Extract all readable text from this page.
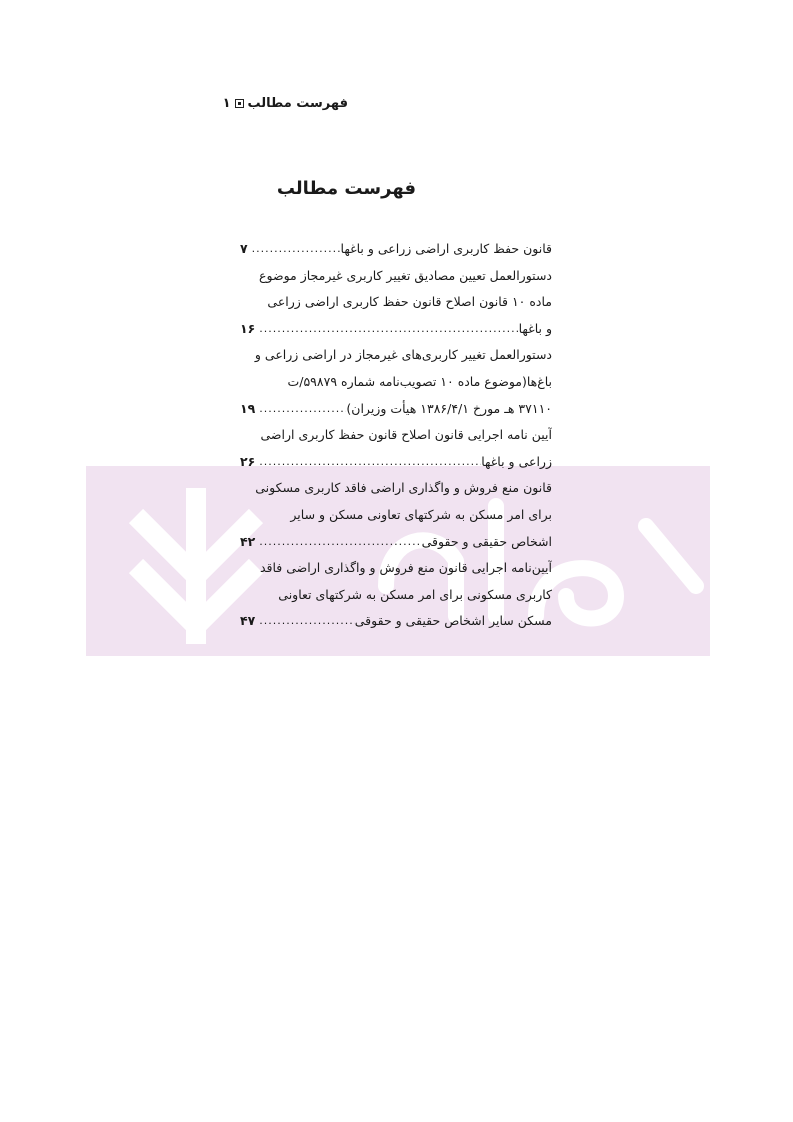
فهرست مطالب۱
فهرست مطالب
قانون حفظ کاربری اراضی زراعی و باغها
.....
۷
دستورالعمل تعیین مصادیق تغییر کاربری غیرمجاز موضوع
ماده ۱۰ قانون اصلاح قانون حفظ کاربری اراضی زراعی
و باغها
.....
۱۶
دستورالعمل تغییر کاربری‌های غیرمجاز در اراضی زراعی و
باغ‌ها(موضوع ماده ۱۰ تصویب‌نامه شماره ۵۹۸۷۹/ت
۳۷۱۱۰ هـ مورخ ۱۳۸۶/۴/۱ هیأت وزیران)
.....
۱۹
آیین نامه اجرایی قانون اصلاح قانون حفظ کاربری اراضی
زراعی و باغها
.....
۲۶
قانون منع فروش و واگذاری اراضی فاقد کاربری مسکونی
برای امر مسکن به شرکتهای تعاونی مسکن و سایر
اشخاص حقیقی و حقوقی
.....
۴۲
آیین‌نامه اجرایی قانون منع فروش و واگذاری اراضی فاقد
کاربری مسکونی برای امر مسکن به شرکتهای تعاونی
مسکن سایر اشخاص حقیقی و حقوقی
.....
۴۷
